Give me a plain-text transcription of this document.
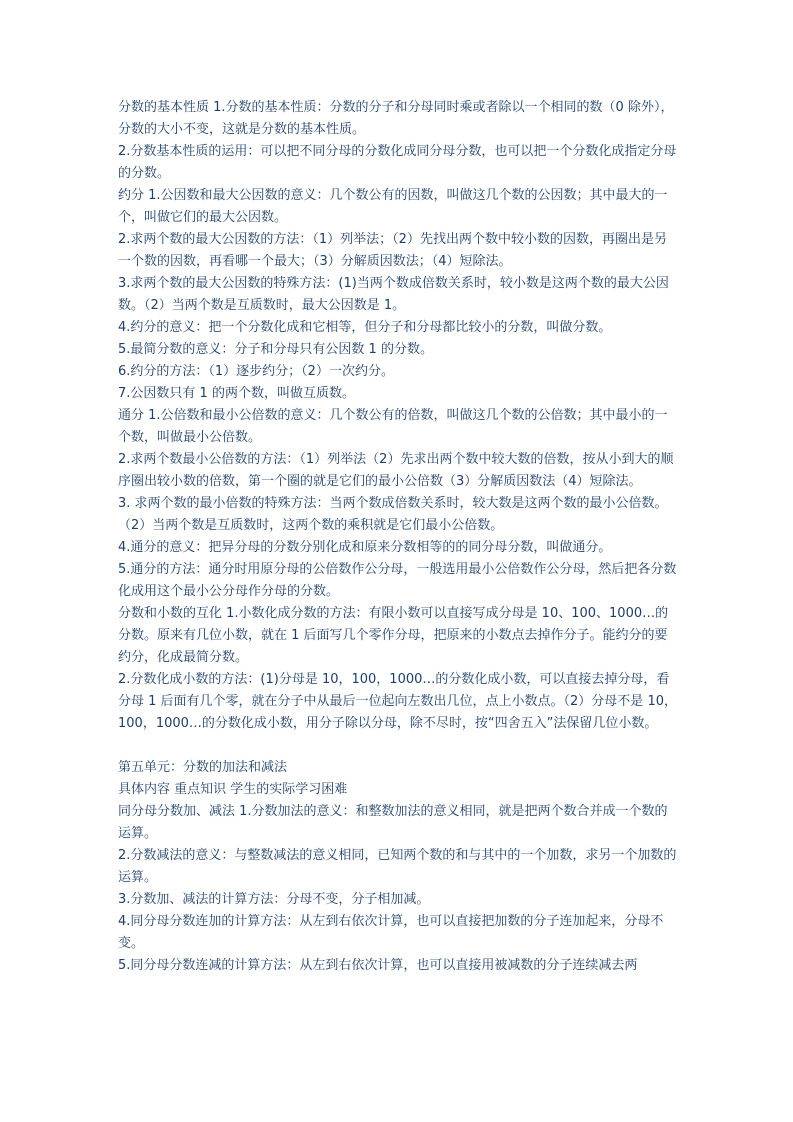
分数的基本性质 1.分数的基本性质：分数的分子和分母同时乘或者除以一个相同的数（0 除外），分数的大小不变，这就是分数的基本性质。

2.分数基本性质的运用：可以把不同分母的分数化成同分母分数，也可以把一个分数化成指定分母的分数。

约分 1.公因数和最大公因数的意义：几个数公有的因数，叫做这几个数的公因数；其中最大的一个，叫做它们的最大公因数。

2.求两个数的最大公因数的方法：（1）列举法；（2）先找出两个数中较小数的因数，再圈出是另一个数的因数，再看哪一个最大；（3）分解质因数法；（4）短除法。

3.求两个数的最大公因数的特殊方法：(1)当两个数成倍数关系时，较小数是这两个数的最大公因数。（2）当两个数是互质数时，最大公因数是 1。

4.约分的意义：把一个分数化成和它相等，但分子和分母都比较小的分数，叫做分数。

5.最简分数的意义：分子和分母只有公因数 1 的分数。

6.约分的方法：（1）逐步约分；（2）一次约分。

7.公因数只有 1 的两个数，叫做互质数。

通分 1.公倍数和最小公倍数的意义：几个数公有的倍数，叫做这几个数的公倍数；其中最小的一个数，叫做最小公倍数。

2.求两个数最小公倍数的方法：（1）列举法（2）先求出两个数中较大数的倍数，按从小到大的顺序圈出较小数的倍数，第一个圈的就是它们的最小公倍数（3）分解质因数法（4）短除法。

3. 求两个数的最小倍数的特殊方法：当两个数成倍数关系时，较大数是这两个数的最小公倍数。（2）当两个数是互质数时，这两个数的乘积就是它们最小公倍数。

4.通分的意义：把异分母的分数分别化成和原来分数相等的的同分母分数，叫做通分。

5.通分的方法：通分时用原分母的公倍数作公分母，一般选用最小公倍数作公分母，然后把各分数化成用这个最小公分母作分母的分数。

分数和小数的互化 1.小数化成分数的方法：有限小数可以直接写成分母是 10、100、1000…的分数。原来有几位小数，就在 1 后面写几个零作分母，把原来的小数点去掉作分子。能约分的要约分，化成最简分数。

2.分数化成小数的方法：(1)分母是 10，100，1000…的分数化成小数，可以直接去掉分母，看分母 1 后面有几个零，就在分子中从最后一位起向左数出几位，点上小数点。（2）分母不是 10，100，1000…的分数化成小数，用分子除以分母，除不尽时，按“四舍五入”法保留几位小数。

第五单元：分数的加法和减法

具体内容 重点知识 学生的实际学习困难

同分母分数加、减法 1.分数加法的意义：和整数加法的意义相同，就是把两个数合并成一个数的运算。

2.分数减法的意义：与整数减法的意义相同，已知两个数的和与其中的一个加数，求另一个加数的运算。

3.分数加、减法的计算方法：分母不变，分子相加减。

4.同分母分数连加的计算方法：从左到右依次计算，也可以直接把加数的分子连加起来，分母不变。

5.同分母分数连减的计算方法：从左到右依次计算，也可以直接用被减数的分子连续减去两
